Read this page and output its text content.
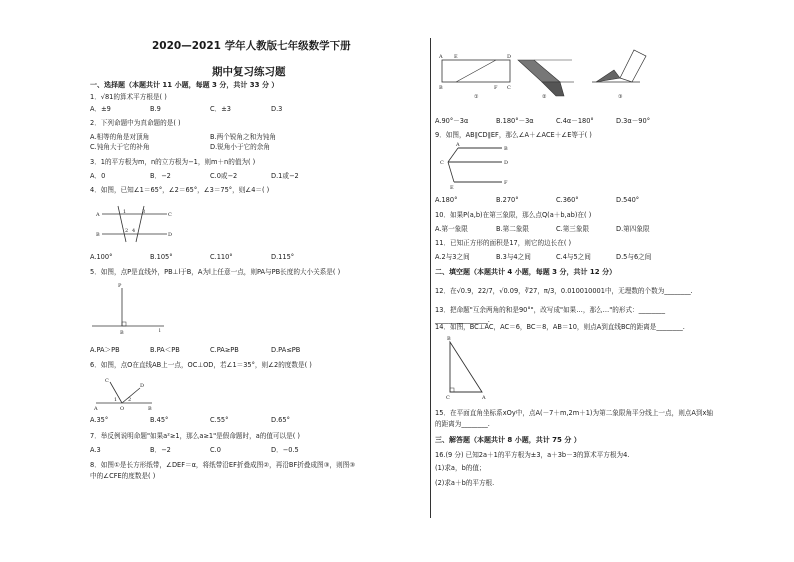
2020—2021 学年人教版七年级数学下册
期中复习练习题
一、选择题（本题共计 11 小题，每题 3 分，共计 33 分 ）
1．√81的算术平方根是( )
A．±9	B.9	C．±3	D.3
2．下列命题中为真命题的是( )
A.相等的角是对顶角	B.两个锐角之和为钝角
C.钝角大于它的补角	D.锐角小于它的余角
3．1的平方根为m，n的立方根为−1，则m＋n的值为( )
A．0	B．−2	C.0或−2	D.1或−2
4．如图，已知∠1＝65°，∠2＝65°，∠3＝75°，则∠4＝( )
A
B
C
D
1
2
3
4
A.100°	B.105°	C.110°	D.115°
5．如图，点P是直线外，PB⊥l于B，A为l上任意一点，则PA与PB长度的大小关系是( )
P
B	l
A.PA＞PB	B.PA＜PB	C.PA≥PB	D.PA≤PB
6．如图，点O在直线AB上一点，OC⊥OD，若∠1＝35°，则∠2的度数是( )
C
D
A	O	B
1 2
A.35°	B.45°	C.55°	D.65°
7．举反例说明命题"如果a²≥1，那么a≥1"是假命题时，a的值可以是( )
A.3	B．−2	C.0	D．−0.5
8．如图①是长方形纸带，∠DEF＝α，将纸带沿EF折叠成图②，再沿BF折叠成图③，则图③
中的∠CFE的度数是( )
A E	D
B	F C
①	②	③
A.90°－3α	B.180°－3α	C.4α－180°	D.3α－90°
9．如图，AB∥CD∥EF，那么∠A＋∠ACE＋∠E等于( )
A
B
C	D
E
F
A.180°	B.270°	C.360°	D.540°
10．如果P(a,b)在第三象限，那么点Q(a＋b,ab)在( )
A.第一象限	B.第二象限	C.第三象限	D.第四象限
11．已知正方形的面积是17，则它的边长在( )
A.2与3之间	B.3与4之间	C.4与5之间	D.5与6之间
二、填空题（本题共计 4 小题，每题 3 分，共计 12 分）
12．在√0.9，22/7，√0.09，∛27，π/3，0.010010001中，无理数的个数为________.
13．把命题"互余两角的和是90°"，改写成"如果…，那么…"的形式：________
________________.
14．如图，BC⊥AC，AC＝6，BC＝8，AB＝10，则点A到直线BC的距离是________.
B
C	A
15．在平面直角坐标系xOy中，点A(－7＋m,2m＋1)为第二象限角平分线上一点，则点A到x轴
的距离为________.
三、解答题（本题共计 8 小题，共计 75 分 ）
16.(9 分) 已知2a＋1的平方根为±3，a＋3b－3的算术平方根为4.
(1)求a，b的值；
(2)求a＋b的平方根.
